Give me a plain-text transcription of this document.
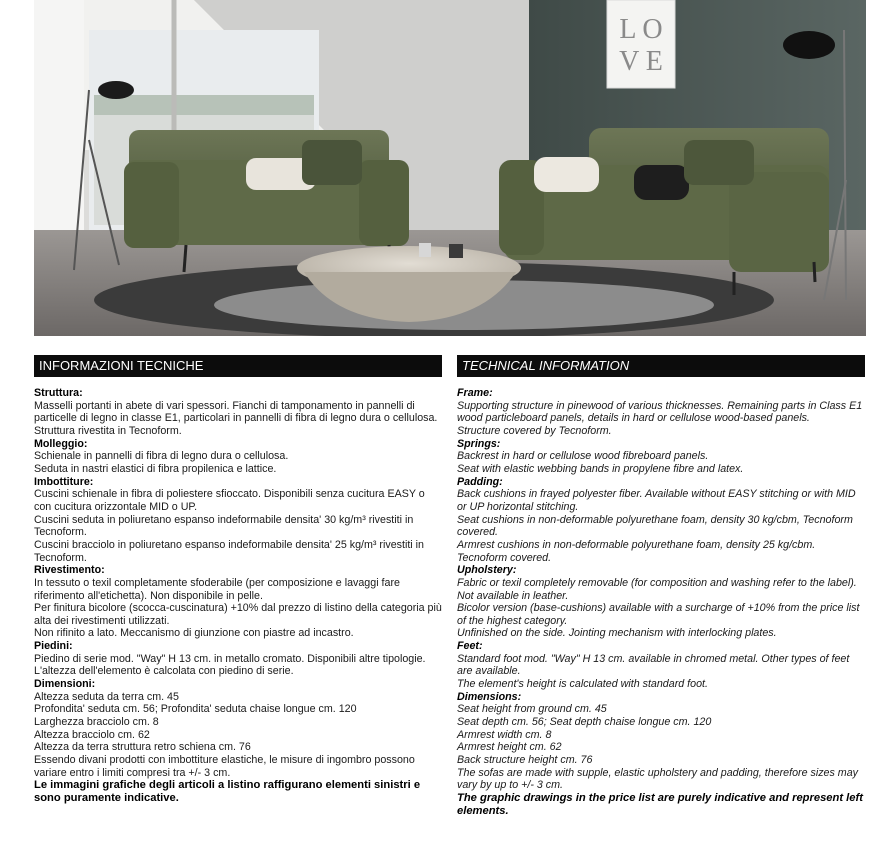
L O
V E
INFORMAZIONI TECNICHE
Struttura:
Masselli portanti in abete di vari spessori. Fianchi di tamponamento in pannelli di particelle di legno in classe E1, particolari in pannelli di fibra di legno dura o cellulosa.
Struttura rivestita in Tecnoform.
Molleggio:
Schienale in pannelli di fibra di legno dura o cellulosa.
Seduta in nastri elastici di fibra propilenica e lattice.
Imbottiture:
Cuscini schienale in fibra di poliestere sfioccato. Disponibili senza cucitura EASY o con cucitura orizzontale MID o UP.
Cuscini seduta in poliuretano espanso indeformabile densita' 30 kg/m³ rivestiti in Tecnoform.
Cuscini bracciolo in poliuretano espanso indeformabile densita' 25 kg/m³ rivestiti in Tecnoform.
Rivestimento:
In tessuto o texil completamente sfoderabile (per composizione e lavaggi fare riferimento all'etichetta). Non disponibile in pelle.
Per finitura bicolore (scocca-cuscinatura) +10% dal prezzo di listino della categoria più alta dei rivestimenti utilizzati.
Non rifinito a lato. Meccanismo di giunzione con piastre ad incastro.
Piedini:
Piedino di serie mod. "Way" H 13 cm. in metallo cromato. Disponibili altre tipologie.
L'altezza dell'elemento è calcolata con piedino di serie.
Dimensioni:
Altezza seduta da terra cm. 45
Profondita' seduta cm. 56; Profondita' seduta chaise longue cm. 120
Larghezza bracciolo cm. 8
Altezza bracciolo cm. 62
Altezza da terra struttura retro schiena cm. 76
Essendo divani prodotti con imbottiture elastiche, le misure di ingombro possono variare entro i limiti compresi tra +/- 3 cm.
Le immagini grafiche degli articoli a listino raffigurano elementi sinistri e sono puramente indicative.
TECHNICAL INFORMATION
Frame:
Supporting structure in pinewood of various thicknesses. Remaining parts in Class E1 wood particleboard panels, details in hard or cellulose wood-based panels.
Structure covered by Tecnoform.
Springs:
Backrest in hard or cellulose wood fibreboard panels.
Seat with elastic webbing bands in propylene fibre and latex.
Padding:
Back cushions in frayed polyester fiber. Available without EASY stitching or with MID or UP horizontal stitching.
Seat cushions in non-deformable polyurethane foam, density 30 kg/cbm, Tecnoform covered.
Armrest cushions in non-deformable polyurethane foam, density 25 kg/cbm. Tecnoform covered.
Upholstery:
Fabric or texil completely removable (for composition and washing refer to the label). Not available in leather.
Bicolor version (base-cushions) available with a surcharge of +10% from the price list of the highest category.
Unfinished on the side. Jointing mechanism with interlocking plates.
Feet:
Standard foot mod. "Way" H 13 cm. available in chromed metal. Other types of feet are available.
The element's height is calculated with standard foot.
Dimensions:
Seat height from ground cm. 45
Seat depth cm. 56; Seat depth chaise longue cm. 120
Armrest width cm. 8
Armrest height cm. 62
Back structure height cm. 76
The sofas are made with supple, elastic upholstery and padding, therefore sizes may vary by up to +/- 3 cm.
The graphic drawings in the price list are purely indicative and represent left elements.
